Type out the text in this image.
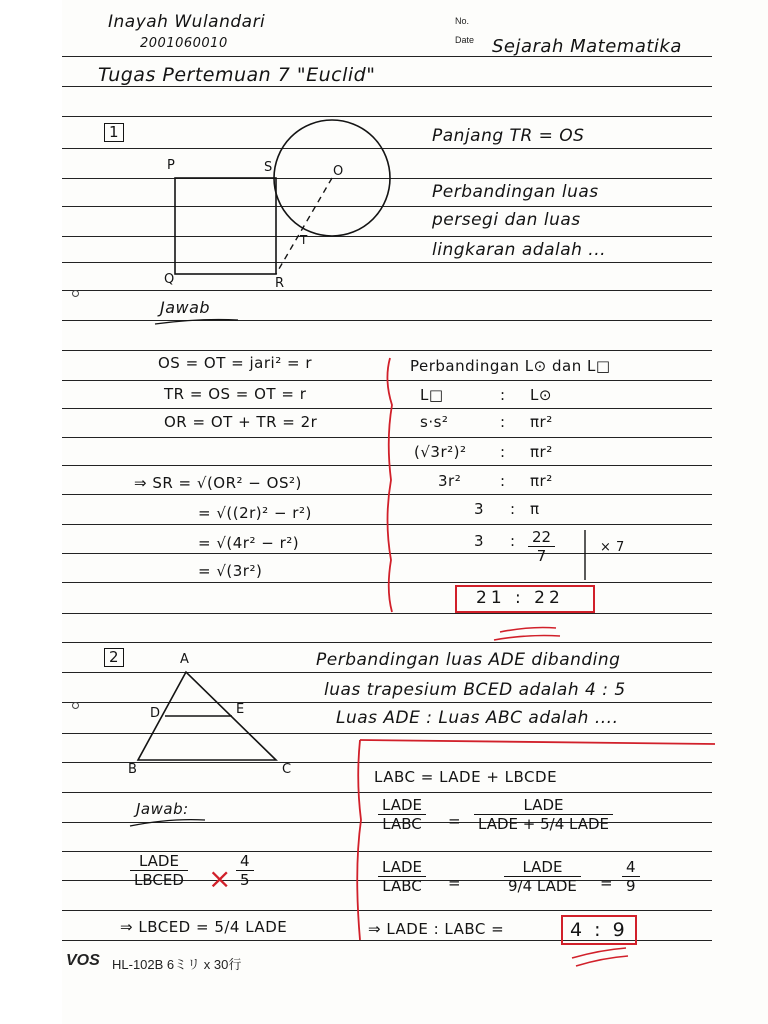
Inayah Wulandari
2001060010
No.
Date Sejarah Matematika
Tugas Pertemuan 7 "Euclid"
1
P	S	O
T
Q	R
Panjang TR = OS
Perbandingan luas
persegi dan luas
lingkaran adalah ...
Jawab
OS = OT = jari² = r
TR = OS = OT = r
OR = OT + TR = 2r
⇒ SR = √(OR² − OS²)
= √((2r)² − r²)
= √(4r² − r²)
= √(3r²)
Perbandingan L⊙ dan L□
L□	: L⊙
s·s²	: πr²
(√3r²)² : πr²
3r²	: πr²
3 : π
3 : $\frac{22}{7}$	× 7
21 : 22
2	A
D	E
B	C
Perbandingan luas ADE dibanding
luas trapesium BCED adalah 4 : 5
Luas ADE : Luas ABC adalah ....
Jawab:
LADE
LBCED × $\frac{4}{5}$
⇒ LBCED = 5/4 LADE
LABC = LADE + LBCDE
LADE
LABC =
LADE
LADE + 5/4 LADE
LADE
LABC =
LADE
9/4 LADE = $\frac{4}{9}$
⇒ LADE : LABC =	4 : 9
VOS HL-102B 6ミリ x 30行
